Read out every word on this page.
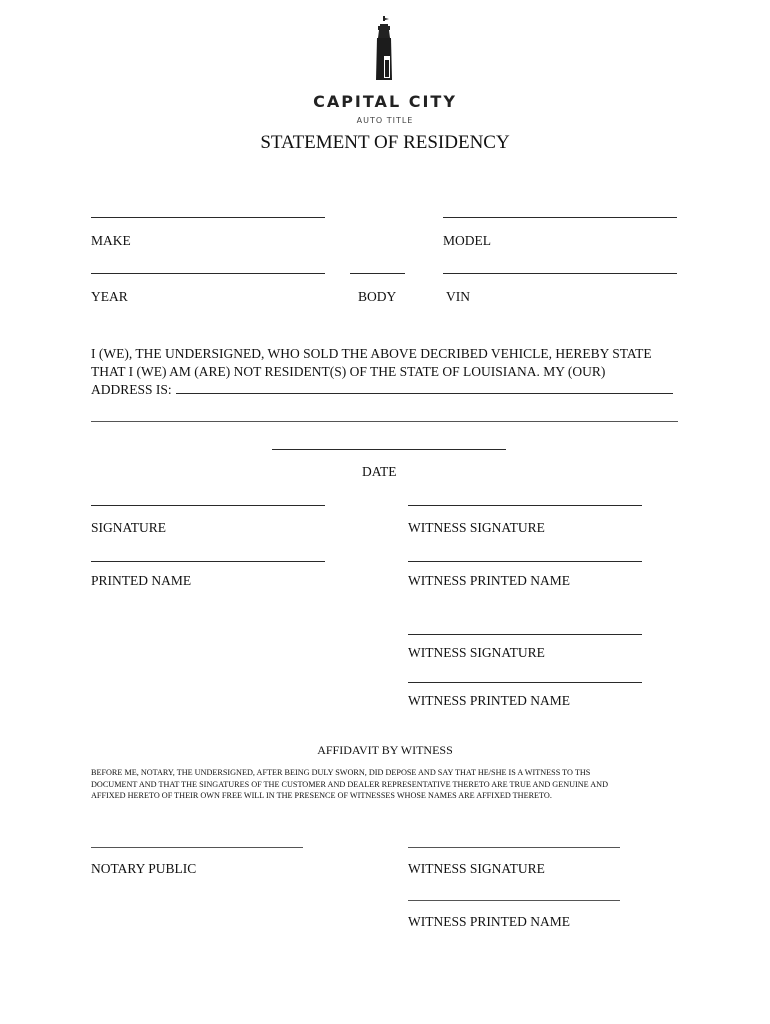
CAPITAL CITY
AUTO TITLE
STATEMENT OF RESIDENCY
MAKE	MODEL
YEAR	BODY	VIN
I (WE), THE UNDERSIGNED, WHO SOLD THE ABOVE DECRIBED VEHICLE, HEREBY STATE
THAT I (WE) AM (ARE) NOT RESIDENT(S) OF THE STATE OF LOUISIANA. MY (OUR)
ADDRESS IS:
DATE
SIGNATURE	WITNESS SIGNATURE
PRINTED NAME	WITNESS PRINTED NAME
WITNESS SIGNATURE
WITNESS PRINTED NAME
AFFIDAVIT BY WITNESS
BEFORE ME, NOTARY, THE UNDERSIGNED, AFTER BEING DULY SWORN, DID DEPOSE AND SAY THAT HE/SHE IS A WITNESS TO THS
DOCUMENT AND THAT THE SINGATURES OF THE CUSTOMER AND DEALER REPRESENTATIVE THERETO ARE TRUE AND GENUINE AND
AFFIXED HERETO OF THEIR OWN FREE WILL IN THE PRESENCE OF WITNESSES WHOSE NAMES ARE AFFIXED THERETO.
NOTARY PUBLIC	WITNESS SIGNATURE
WITNESS PRINTED NAME
